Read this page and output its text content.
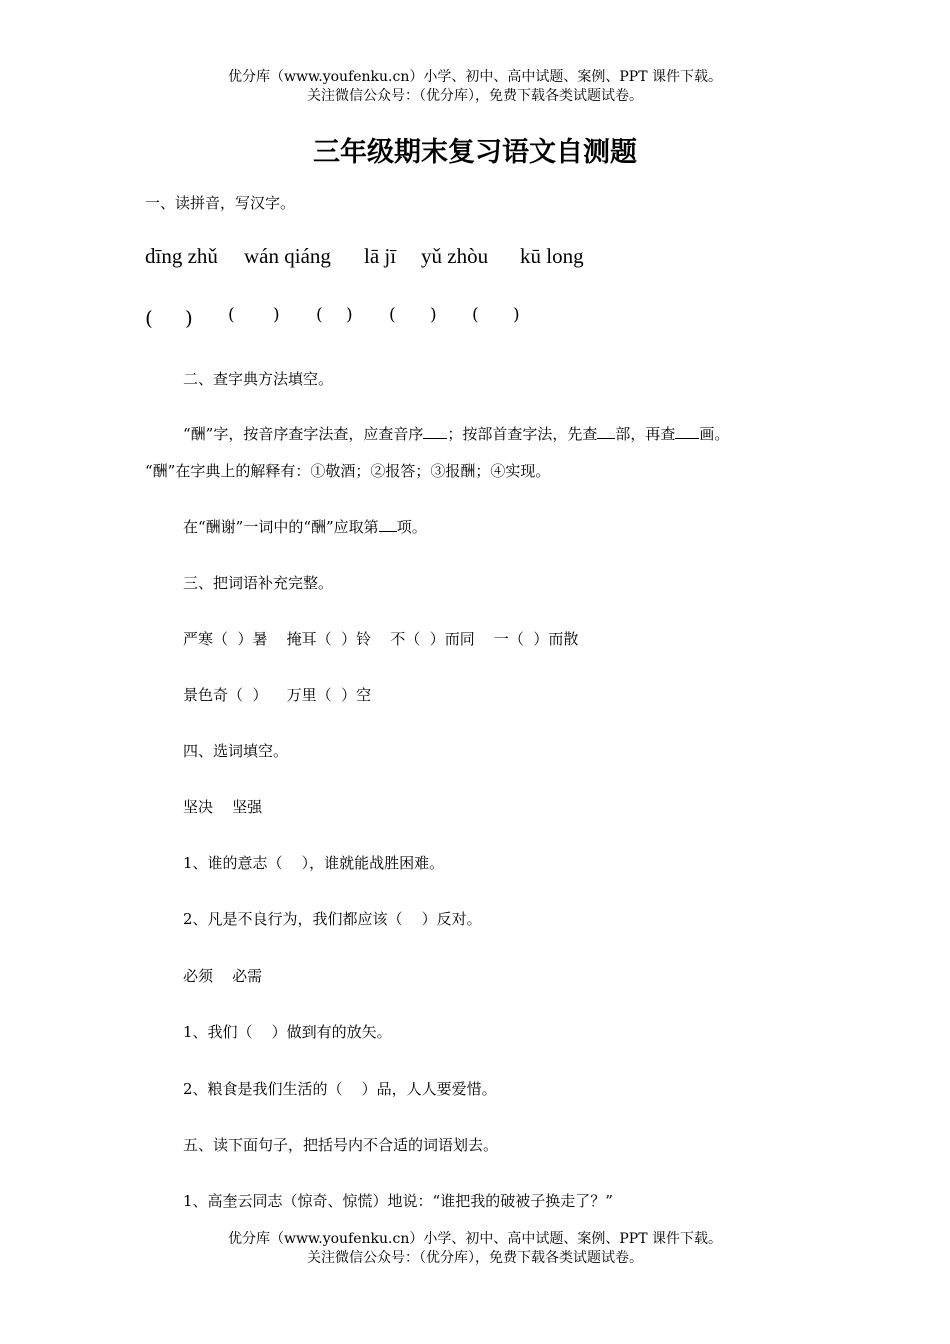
优分库（www.youfenku.cn）小学、初中、高中试题、案例、PPT 课件下载。
关注微信公众号：（优分库），免费下载各类试题试卷。
三年级期末复习语文自测题
一、读拼音，写汉字。
dīng zhǔ wán qiáng lā jī yǔ zhòu kū long
( ) ( ) ( ) ( ) ( )
二、查字典方法填空。
“酬”字，按音序查字法查，应查音序 ；按部首查字法，先查 部，再查 画。
“酬”在字典上的解释有：①敬酒；②报答；③报酬；④实现。
在“酬谢”一词中的“酬”应取第 项。
三、把词语补充完整。
严寒（  ）暑    掩耳（  ）铃    不（  ）而同    一（  ）而散
景色奇（  ）    万里（  ）空
四、选词填空。
坚决    坚强
1、谁的意志（    ），谁就能战胜困难。
2、凡是不良行为，我们都应该（    ）反对。
必须    必需
1、我们（    ）做到有的放矢。
2、粮食是我们生活的（    ）品，人人要爱惜。
五、读下面句子，把括号内不合适的词语划去。
1、高奎云同志（惊奇、惊慌）地说：“谁把我的破被子换走了？”
优分库（www.youfenku.cn）小学、初中、高中试题、案例、PPT 课件下载。
关注微信公众号：（优分库），免费下载各类试题试卷。
